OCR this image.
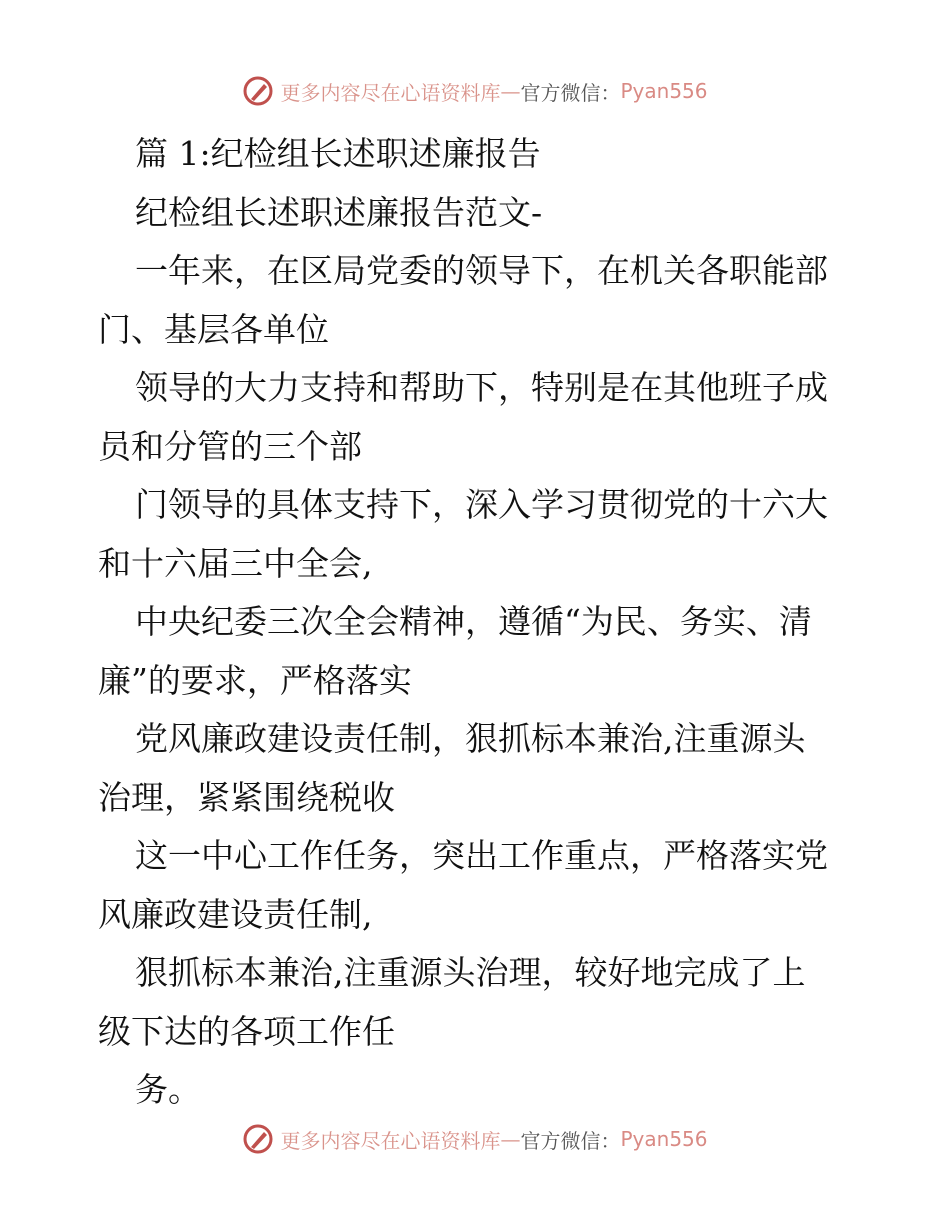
更多内容尽在心语资料库 — 官方微信： Pyan556
篇 1:纪检组长述职述廉报告
纪检组长述职述廉报告范文-
一年来，在区局党委的领导下，在机关各职能部
门、基层各单位
领导的大力支持和帮助下，特别是在其他班子成
员和分管的三个部
门领导的具体支持下，深入学习贯彻党的十六大
和十六届三中全会,
中央纪委三次全会精神，遵循“为民、务实、清
廉”的要求，严格落实
党风廉政建设责任制，狠抓标本兼治,注重源头
治理，紧紧围绕税收
这一中心工作任务，突出工作重点，严格落实党
风廉政建设责任制,
狠抓标本兼治,注重源头治理，较好地完成了上
级下达的各项工作任
务。
更多内容尽在心语资料库 — 官方微信： Pyan556
